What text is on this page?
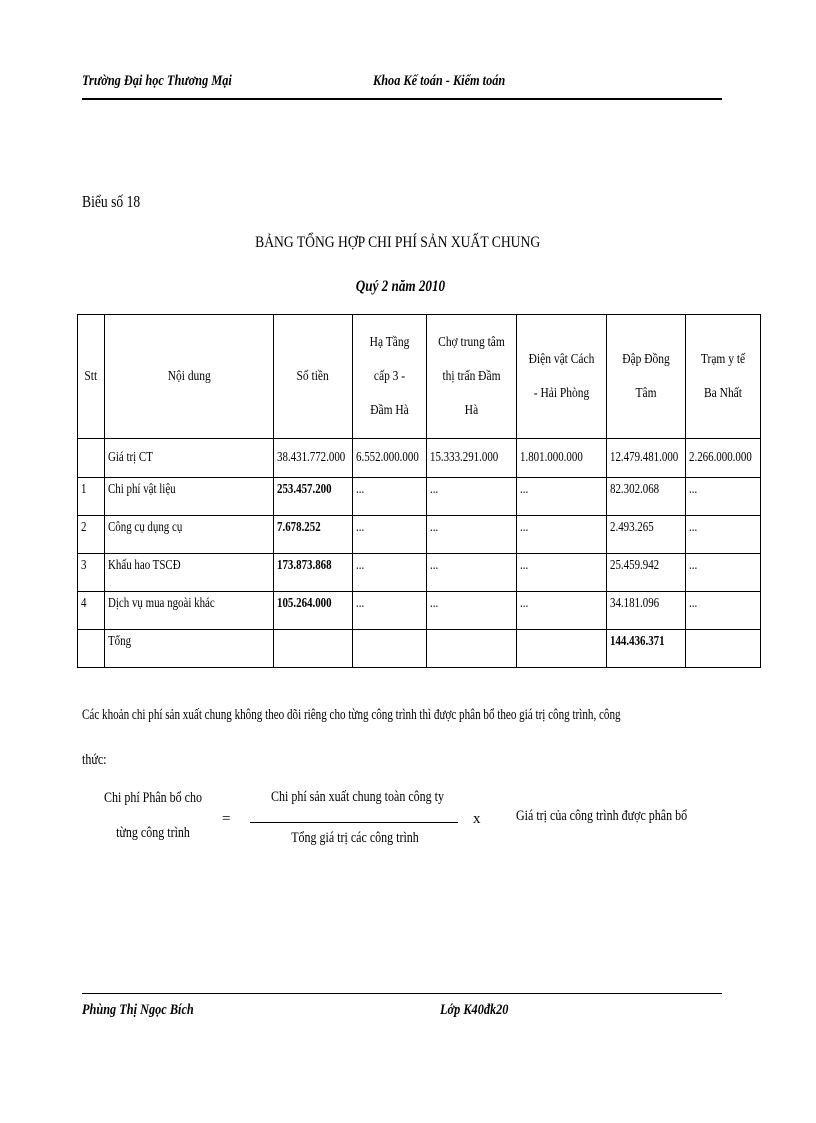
Trường Đại học Thương Mại	Khoa Kế toán - Kiểm toán
Biểu số 18
BẢNG TỔNG HỢP CHI PHÍ SẢN XUẤT CHUNG
Quý 2 năm 2010
Stt	Nội dung	Số tiền	Hạ Tầng cấp 3 - Đầm Hà	Chợ trung tâm thị trấn Đầm Hà	Điện vật Cách - Hải Phòng	Đập Đồng Tâm	Trạm y tế Ba Nhất
	Giá trị CT	38.431.772.000	6.552.000.000	15.333.291.000	1.801.000.000	12.479.481.000	2.266.000.000
1	Chi phí vật liệu	253.457.200	...	...	...	82.302.068	...
2	Công cụ dụng cụ	7.678.252	...	...	...	2.493.265	...
3	Khấu hao TSCĐ	173.873.868	...	...	...	25.459.942	...
4	Dịch vụ mua ngoài khác	105.264.000	...	...	...	34.181.096	...
	Tổng					144.436.371	
Các khoản chi phí sản xuất chung không theo dõi riêng cho từng công trình thì được phân bổ theo giá trị công trình, công
thức:
Chi phí Phân bổ cho
từng công trình
=
Chi phí sản xuất chung toàn công ty
Tổng giá trị các công trình
x Giá trị của công trình được phân bổ
Phùng Thị Ngọc Bích	Lớp K40đk20
